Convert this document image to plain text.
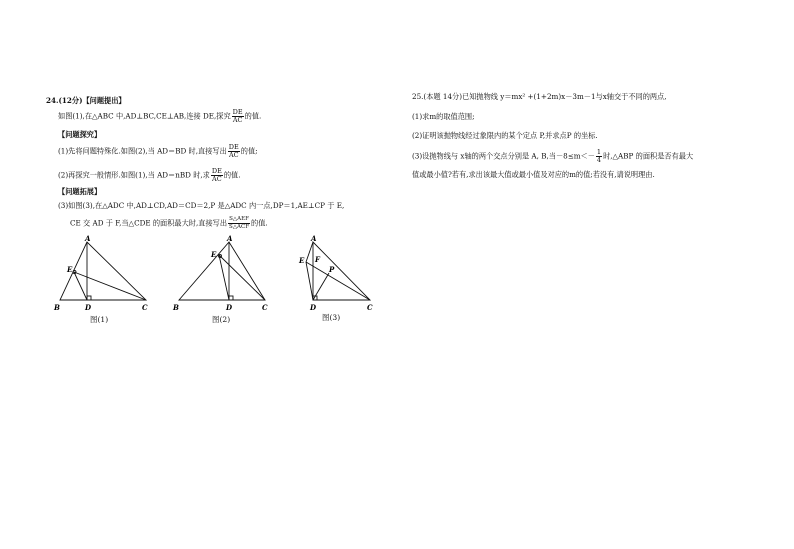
24.(12分)【问题提出】
如图(1),在△ABC 中,AD⊥BC,CE⊥AB,连接 DE,探究 $\frac{DE}{AC}$ 的值.
【问题探究】
(1)先将问题特殊化.如图(2),当 AD＝BD 时,直接写出 $\frac{DE}{AC}$ 的值;
(2)再探究一般情形.如图(1),当 AD＝nBD 时,求 $\frac{DE}{AC}$ 的值.
【问题拓展】
(3)如图(3),在△ADC 中,AD⊥CD,AD＝CD＝2,P 是△ADC 内一点,DP＝1,AE⊥CP 于 E,
CE 交 AD 于 F,当△CDE 的面积最大时,直接写出 $\frac{\text{S△AEF}}{\text{S△ACF}}$ 的值.
A
B	D	C
E
图(1)
A
B	D	C
E
图(2)
A
E F
P
D	C
图(3)
25.(本题 14分)已知抛物线 y＝mx² +(1+2m)x－3m－1与x轴交于不同的两点,
(1)求m的取值范围;
(2)证明该抛物线经过象限内的某个定点 P,并求点P 的坐标.
(3)设抛物线与 x轴的两个交点分别是 A, B,当$-8\le m<- \frac{1}{4}$ 时,△ABP 的面积是否有最大
值或最小值?若有,求出该最大值或最小值及对应的m的值;若没有,请说明理由.
